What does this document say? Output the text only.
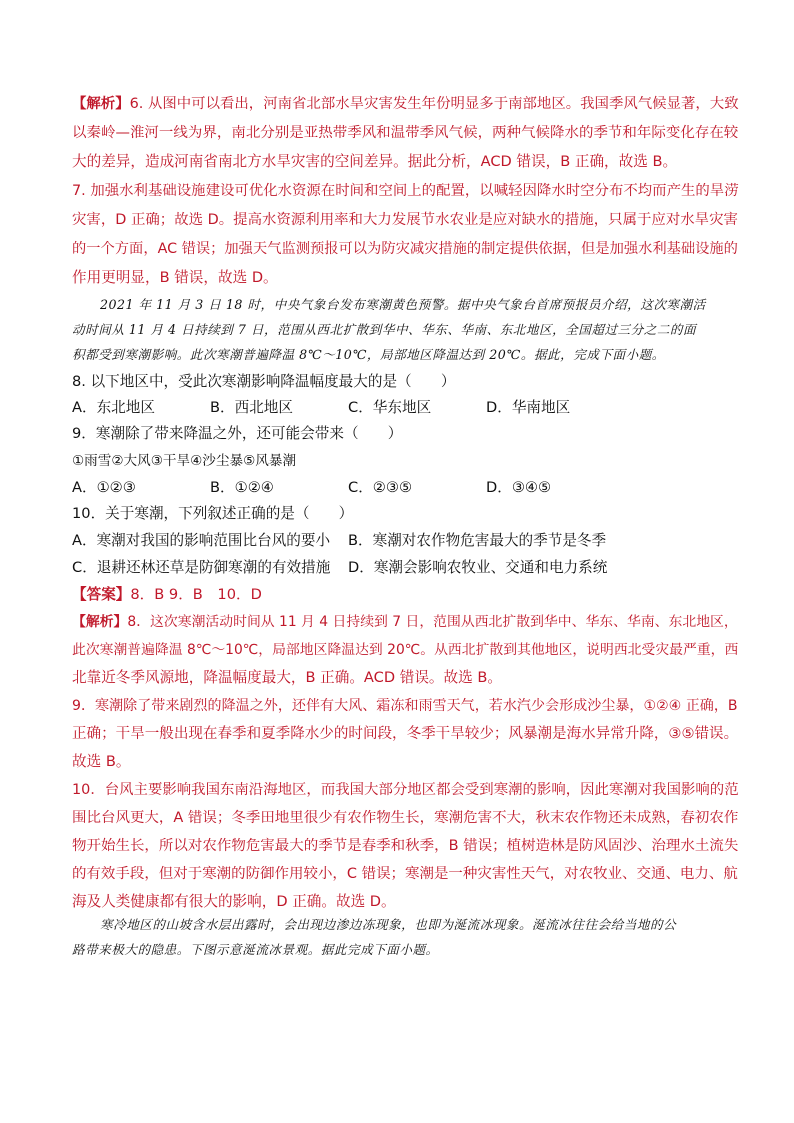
【解析】6. 从图中可以看出，河南省北部水旱灾害发生年份明显多于南部地区。我国季风气候显著，大致
以秦岭—淮河一线为界，南北分别是亚热带季风和温带季风气候，两种气候降水的季节和年际变化存在较
大的差异，造成河南省南北方水旱灾害的空间差异。据此分析，ACD 错误，B 正确，故选 B。
7. 加强水利基础设施建设可优化水资源在时间和空间上的配置，以喊轻因降水时空分布不均而产生的旱涝
灾害，D 正确；故选 D。提高水资源利用率和大力发展节水农业是应对缺水的措施，只属于应对水旱灾害
的一个方面，AC 错误；加强天气监测预报可以为防灾减灾措施的制定提供依据，但是加强水利基础设施的
作用更明显，B 错误，故选 D。
2021 年 11 月 3 日 18 时，中央气象台发布寒潮黄色预警。据中央气象台首席预报员介绍，这次寒潮活
动时间从 11 月 4 日持续到 7 日，范围从西北扩散到华中、华东、华南、东北地区，全国超过三分之二的面
积都受到寒潮影响。此次寒潮普遍降温 8℃～10℃，局部地区降温达到 20℃。据此，完成下面小题。
8. 以下地区中，受此次寒潮影响降温幅度最大的是（　　）
A．东北地区	B．西北地区	C．华东地区	D．华南地区
9．寒潮除了带来降温之外，还可能会带来（　　）
①雨雪②大风③干旱④沙尘暴⑤风暴潮
A．①②③	B．①②④	C．②③⑤	D．③④⑤
10．关于寒潮，下列叙述正确的是（　　）
A．寒潮对我国的影响范围比台风的要小 B．寒潮对农作物危害最大的季节是冬季
C．退耕还林还草是防御寒潮的有效措施 D．寒潮会影响农牧业、交通和电力系统
【答案】8．B 9．B　10．D
【解析】8．这次寒潮活动时间从 11 月 4 日持续到 7 日，范围从西北扩散到华中、华东、华南、东北地区，
此次寒潮普遍降温 8℃～10℃，局部地区降温达到 20℃。从西北扩散到其他地区，说明西北受灾最严重，西
北靠近冬季风源地，降温幅度最大，B 正确。ACD 错误。故选 B。
9．寒潮除了带来剧烈的降温之外，还伴有大风、霜冻和雨雪天气，若水汽少会形成沙尘暴，①②④ 正确，B
正确；干旱一般出现在春季和夏季降水少的时间段，冬季干旱较少；风暴潮是海水异常升降，③⑤错误。
故选 B。
10．台风主要影响我国东南沿海地区，而我国大部分地区都会受到寒潮的影响，因此寒潮对我国影响的范
围比台风更大，A 错误；冬季田地里很少有农作物生长，寒潮危害不大，秋末农作物还未成熟，春初农作
物开始生长，所以对农作物危害最大的季节是春季和秋季，B 错误；植树造林是防风固沙、治理水土流失
的有效手段，但对于寒潮的防御作用较小，C 错误；寒潮是一种灾害性天气，对农牧业、交通、电力、航
海及人类健康都有很大的影响，D 正确。故选 D。
寒冷地区的山坡含水层出露时，会出现边渗边冻现象，也即为涎流冰现象。涎流冰往往会给当地的公
路带来极大的隐患。下图示意涎流冰景观。据此完成下面小题。
